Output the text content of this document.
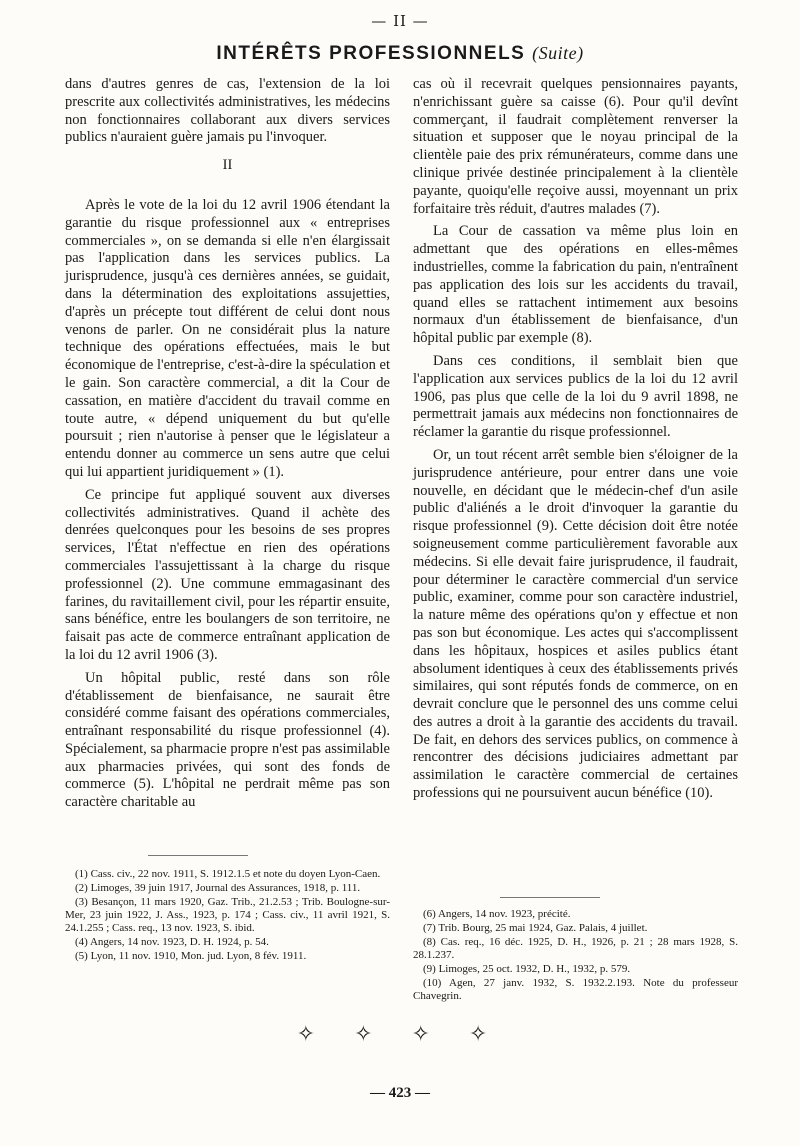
— II —
INTÉRÊTS PROFESSIONNELS (Suite)

dans d'autres genres de cas, l'extension de la loi prescrite aux collectivités administratives, les médecins non fonctionnaires collaborant aux divers services publics n'auraient guère jamais pu l'invoquer.

II

Après le vote de la loi du 12 avril 1906 étendant la garantie du risque professionnel aux « entreprises commerciales », on se demanda si elle n'en élargissait pas l'application dans les services publics. La jurisprudence, jusqu'à ces dernières années, se guidait, dans la détermination des exploitations assujetties, d'après un précepte tout différent de celui dont nous venons de parler. On ne considérait plus la nature technique des opérations effectuées, mais le but économique de l'entreprise, c'est-à-dire la spéculation et le gain. Son caractère commercial, a dit la Cour de cassation, en matière d'accident du travail comme en toute autre, « dépend uniquement du but qu'elle poursuit ; rien n'autorise à penser que le législateur a entendu donner au commerce un sens autre que celui qui lui appartient juridiquement » (1).

Ce principe fut appliqué souvent aux diverses collectivités administratives. Quand il achète des denrées quelconques pour les besoins de ses propres services, l'État n'effectue en rien des opérations commerciales l'assujettissant à la charge du risque professionnel (2). Une commune emmagasinant des farines, du ravitaillement civil, pour les répartir ensuite, sans bénéfice, entre les boulangers de son territoire, ne faisait pas acte de commerce entraînant application de la loi du 12 avril 1906 (3).

Un hôpital public, resté dans son rôle d'établissement de bienfaisance, ne saurait être considéré comme faisant des opérations commerciales, entraînant responsabilité du risque professionnel (4). Spécialement, sa pharmacie propre n'est pas assimilable aux pharmacies privées, qui sont des fonds de commerce (5). L'hôpital ne perdrait même pas son caractère charitable au

cas où il recevrait quelques pensionnaires payants, n'enrichissant guère sa caisse (6). Pour qu'il devînt commerçant, il faudrait complètement renverser la situation et supposer que le noyau principal de la clientèle paie des prix rémunérateurs, comme dans une clinique privée destinée principalement à la clientèle payante, quoiqu'elle reçoive aussi, moyennant un prix forfaitaire très réduit, d'autres malades (7).

La Cour de cassation va même plus loin en admettant que des opérations en elles-mêmes industrielles, comme la fabrication du pain, n'entraînent pas application des lois sur les accidents du travail, quand elles se rattachent intimement aux besoins normaux d'un établissement de bienfaisance, d'un hôpital public par exemple (8).

Dans ces conditions, il semblait bien que l'application aux services publics de la loi du 12 avril 1906, pas plus que celle de la loi du 9 avril 1898, ne permettrait jamais aux médecins non fonctionnaires de réclamer la garantie du risque professionnel.

Or, un tout récent arrêt semble bien s'éloigner de la jurisprudence antérieure, pour entrer dans une voie nouvelle, en décidant que le médecin-chef d'un asile public d'aliénés a le droit d'invoquer la garantie du risque professionnel (9). Cette décision doit être notée soigneusement comme particulièrement favorable aux médecins. Si elle devait faire jurisprudence, il faudrait, pour déterminer le caractère commercial d'un service public, examiner, comme pour son caractère industriel, la nature même des opérations qu'on y effectue et non pas son but économique. Les actes qui s'accomplissent dans les hôpitaux, hospices et asiles publics étant absolument identiques à ceux des établissements privés similaires, qui sont réputés fonds de commerce, on en devrait conclure que le personnel des uns comme celui des autres a droit à la garantie des accidents du travail. De fait, en dehors des services publics, on commence à rencontrer des décisions judiciaires admettant par assimilation le caractère commercial de certaines professions qui ne poursuivent aucun bénéfice (10).

(1) Cass. civ., 22 nov. 1911, S. 1912.1.5 et note du doyen Lyon-Caen.
(2) Limoges, 39 juin 1917, Journal des Assurances, 1918, p. 111.
(3) Besançon, 11 mars 1920, Gaz. Trib., 21.2.53 ; Trib. Boulogne-sur-Mer, 23 juin 1922, J. Ass., 1923, p. 174 ; Cass. civ., 11 avril 1921, S. 24.1.255 ; Cass. req., 13 nov. 1923, S. ibid.
(4) Angers, 14 nov. 1923, D. H. 1924, p. 54.
(5) Lyon, 11 nov. 1910, Mon. jud. Lyon, 8 fév. 1911.
(6) Angers, 14 nov. 1923, précité.
(7) Trib. Bourg, 25 mai 1924, Gaz. Palais, 4 juillet.
(8) Cas. req., 16 déc. 1925, D. H., 1926, p. 21 ; 28 mars 1928, S. 28.1.237.
(9) Limoges, 25 oct. 1932, D. H., 1932, p. 579.
(10) Agen, 27 janv. 1932, S. 1932.2.193. Note du professeur Chavegrin.
✧ ✧ ✧ ✧
— 423 —
